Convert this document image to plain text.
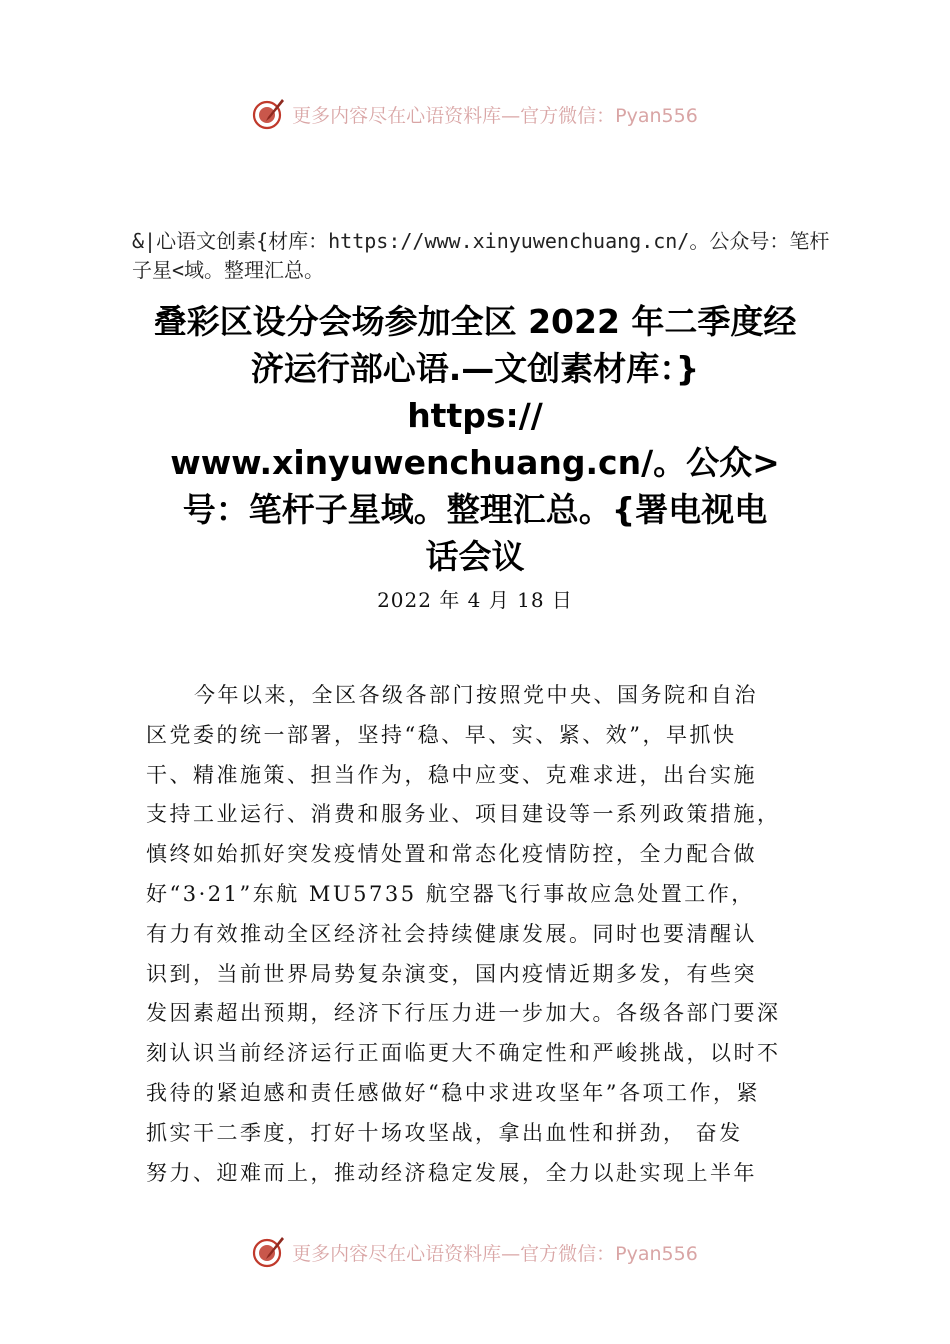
更多内容尽在心语资料库—官方微信：Pyan556
&|心语文创素{材库：https://www.xinyuwenchuang.cn/。公众号：笔杆子星<域。整理汇总。
叠彩区设分会场参加全区 2022 年二季度经
济运行部心语.—文创素材库：}
https://
www.xinyuwenchuang.cn/。公众>
号：笔杆子星域。整理汇总。{署电视电
话会议
2022 年 4 月 18 日
今年以来，全区各级各部门按照党中央、国务院和自治
区党委的统一部署，坚持“稳、早、实、紧、效”，早抓快
干、精准施策、担当作为，稳中应变、克难求进，出台实施
支持工业运行、消费和服务业、项目建设等一系列政策措施，
慎终如始抓好突发疫情处置和常态化疫情防控，全力配合做
好“3·21”东航 MU5735 航空器飞行事故应急处置工作，
有力有效推动全区经济社会持续健康发展。同时也要清醒认
识到，当前世界局势复杂演变，国内疫情近期多发，有些突
发因素超出预期，经济下行压力进一步加大。各级各部门要深
刻认识当前经济运行正面临更大不确定性和严峻挑战，以时不
我待的紧迫感和责任感做好“稳中求进攻坚年”各项工作，紧
抓实干二季度，打好十场攻坚战，拿出血性和拼劲， 奋发
努力、迎难而上，推动经济稳定发展，全力以赴实现上半年
更多内容尽在心语资料库—官方微信：Pyan556
